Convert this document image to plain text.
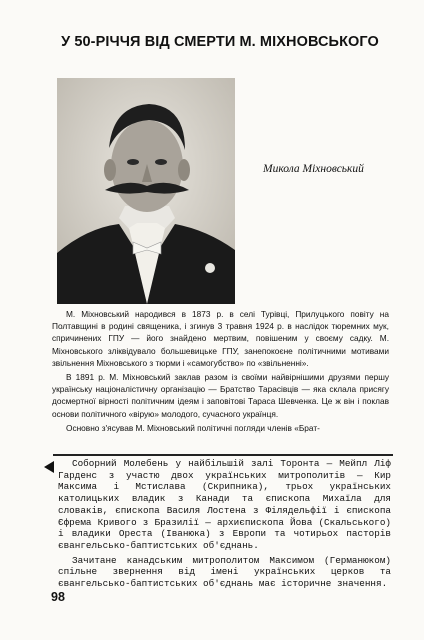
У 50-РІЧЧЯ ВІД СМЕРТИ М. МІХНОВСЬКОГО
Микола Міхновський

М. Міхновський народився в 1873 р. в селі Турівці, Прилуцького повіту на Полтавщині в родині священика, і згинув 3 травня 1924 р. в наслідок тюремних мук, спричинених ГПУ — його знайдено мертвим, повішеним у своєму садку. М. Міхновського зліквідувало большевицьке ГПУ, занепокоєне політичними мотивами звільнення Міхновського з тюрми і «самогубство» по «звільненні».

В 1891 р. М. Міхновський заклав разом із своїми найвірнішими друзями першу українську націоналістичну організацію — Братство Тарасівців — яка склала присягу досмертної вірності політичним ідеям і заповітові Тараса Шевченка. Це ж він і поклав основи політичного «вірую» молодого, сучасного українця.

Основно з'ясував М. Міхновський політичні погляди членів «Брат-

Соборний Молебень у найбільшій залі Торонта — Мейпл Ліф Гарденс з участю двох українських митрополитів — Кир Максима і Мстислава (Скрипника), трьох українських католицьких владик з Канади та єпископа Михаїла для словаків, єпископа Василя Лостена з Філядельфії і єпископа Єфрема Кривого з Бразилії — архиєпископа Йова (Скальського) і владики Ореста (Іванюка) з Европи та чотирьох пасторів євангельсько-баптистських об'єднань.

Зачитане канадським митрополитом Максимом (Германюком) спільне звернення від імені українських церков та євангельсько-баптистських об'єднань має історичне значення.

98
